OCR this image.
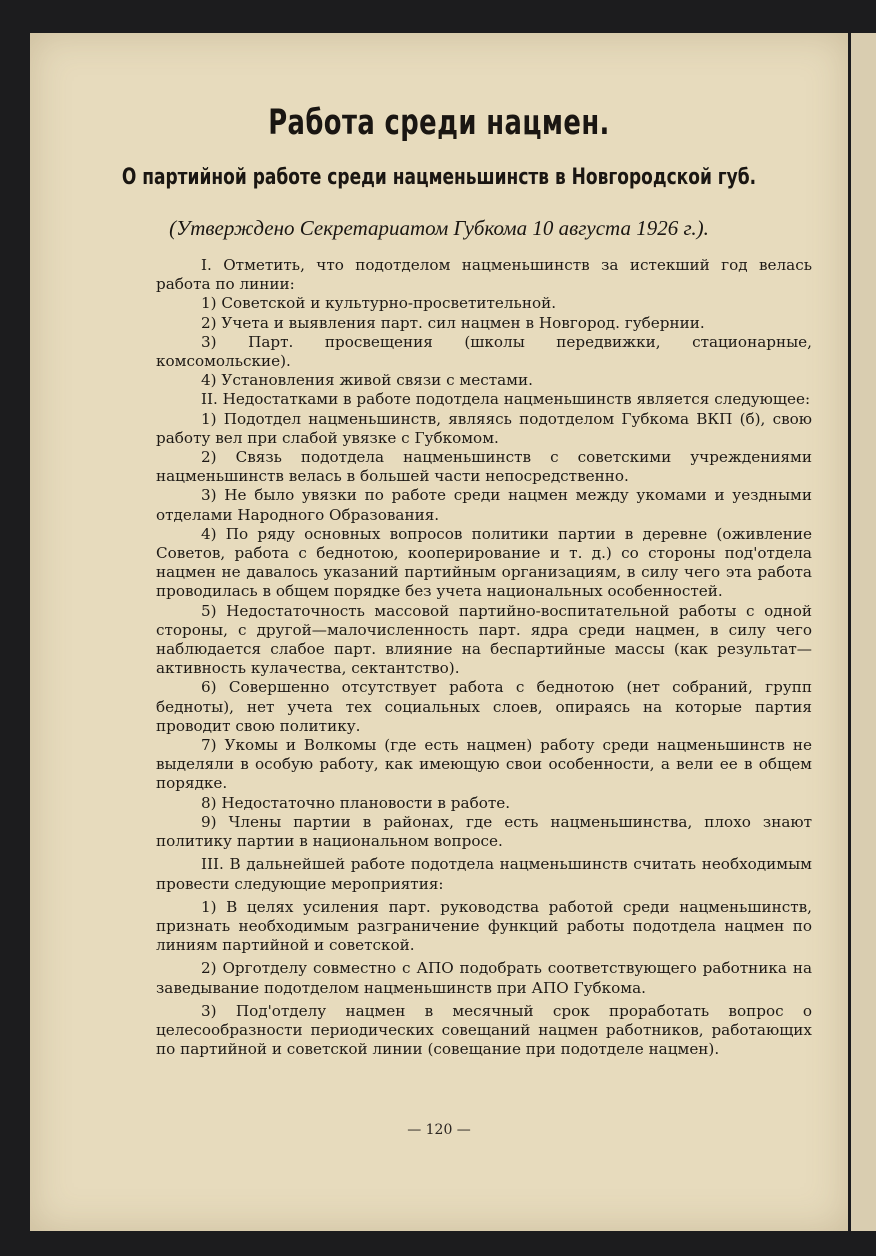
Работа среди нацмен.
О партийной работе среди нацменьшинств в Новгородской губ.
(Утверждено Секретариатом Губкома 10 августа 1926 г.).

I. Отметить, что подотделом нацменьшинств за истекший год велась работа по линии:

1) Советской и культурно-просветительной.

2) Учета и выявления парт. сил нацмен в Новгород. губернии.

3) Парт. просвещения (школы передвижки, стационарные, комсомольские).

4) Установления живой связи с местами.

II. Недостатками в работе подотдела нацменьшинств является следующее:

1) Подотдел нацменьшинств, являясь подотделом Губкома ВКП (б), свою работу вел при слабой увязке с Губкомом.

2) Связь подотдела нацменьшинств с советскими учреждениями нацменьшинств велась в большей части непосредственно.

3) Не было увязки по работе среди нацмен между укомами и уездными отделами Народного Образования.

4) По ряду основных вопросов политики партии в деревне (оживление Советов, работа с беднотою, кооперирование и т. д.) со стороны под'отдела нацмен не давалось указаний партийным организациям, в силу чего эта работа проводилась в общем порядке без учета национальных особенностей.

5) Недостаточность массовой партийно-воспитательной работы с одной стороны, с другой—малочисленность парт. ядра среди нацмен, в силу чего наблюдается слабое парт. влияние на беспартийные массы (как результат—активность кулачества, сектантство).

6) Совершенно отсутствует работа с беднотою (нет собраний, групп бедноты), нет учета тех социальных слоев, опираясь на которые партия проводит свою политику.

7) Укомы и Волкомы (где есть нацмен) работу среди нацменьшинств не выделяли в особую работу, как имеющую свои особенности, а вели ее в общем порядке.

8) Недостаточно плановости в работе.

9) Члены партии в районах, где есть нацменьшинства, плохо знают политику партии в национальном вопросе.

III. В дальнейшей работе подотдела нацменьшинств считать необходимым провести следующие мероприятия:

1) В целях усиления парт. руководства работой среди нацменьшинств, признать необходимым разграничение функций работы подотдела нацмен по линиям партийной и советской.

2) Орготделу совместно с АПО подобрать соответствующего работника на заведывание подотделом нацменьшинств при АПО Губкома.

3) Под'отделу нацмен в месячный срок проработать вопрос о целесообразности периодических совещаний нацмен работников, работающих по партийной и советской линии (совещание при подотделе нацмен).

— 120 —
